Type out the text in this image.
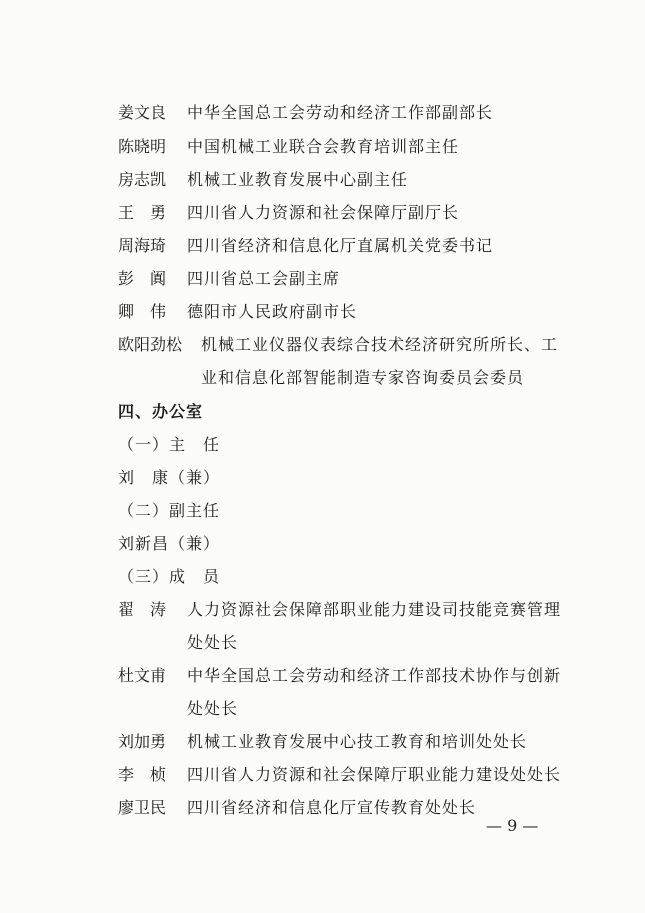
姜文良 中华全国总工会劳动和经济工作部副部长
陈晓明 中国机械工业联合会教育培训部主任
房志凯 机械工业教育发展中心副主任
王　勇 四川省人力资源和社会保障厅副厅长
周海琦 四川省经济和信息化厅直属机关党委书记
彭　阗 四川省总工会副主席
卿　伟 德阳市人民政府副市长
欧阳劲松 机械工业仪器仪表综合技术经济研究所所长、工
业和信息化部智能制造专家咨询委员会委员
四、办公室
（一）主　任
刘　康（兼）
（二）副主任
刘新昌（兼）
（三）成　员
翟　涛 人力资源社会保障部职业能力建设司技能竞赛管理
处处长
杜文甫 中华全国总工会劳动和经济工作部技术协作与创新
处处长
刘加勇 机械工业教育发展中心技工教育和培训处处长
李　桢 四川省人力资源和社会保障厅职业能力建设处处长
廖卫民 四川省经济和信息化厅宣传教育处处长
— 9 —
